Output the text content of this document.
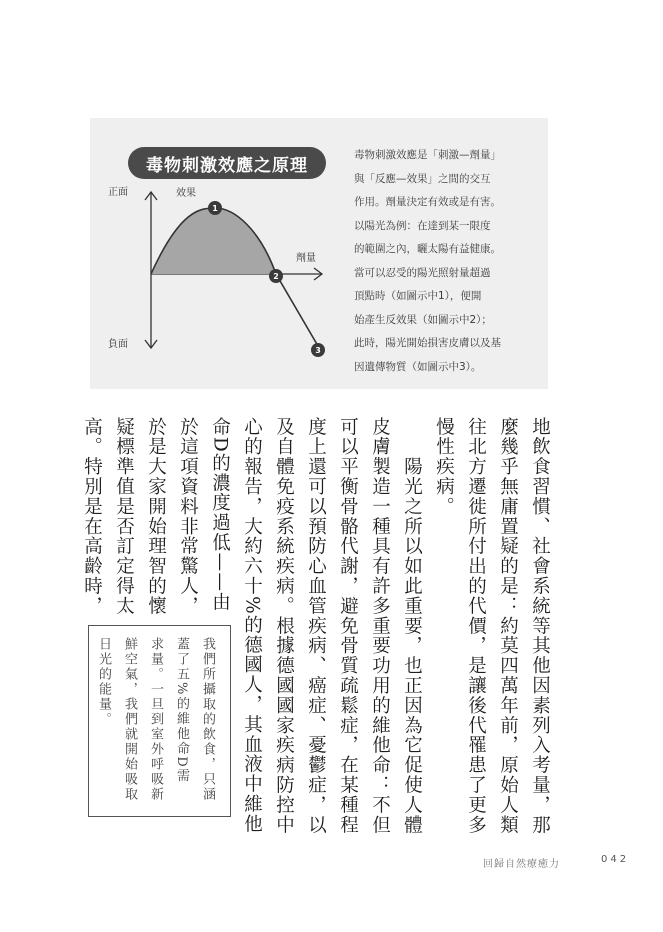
毒物刺激效應之原理
1
2
3
正面
負面
效果
劑量
毒物刺激效應是「刺激—劑量」
與「反應—效果」之間的交互
作用。劑量決定有效或是有害。
以陽光為例：在達到某一限度
的範圍之內，曬太陽有益健康。
當可以忍受的陽光照射量超過
頂點時（如圖示中1），便開
始產生反效果（如圖示中2）；
此時，陽光開始損害皮膚以及基
因遺傳物質（如圖示中3）。
地飲食習慣、社會系統等其他因素列入考量，那
麼幾乎無庸置疑的是：約莫四萬年前，原始人類
往北方遷徙所付出的代價，是讓後代罹患了更多
慢性疾病。
　　陽光之所以如此重要，也正因為它促使人體
皮膚製造一種具有許多重要功用的維他命：不但
可以平衡骨骼代謝，避免骨質疏鬆症，在某種程
度上還可以預防心血管疾病、癌症、憂鬱症，以
及自體免疫系統疾病。根據德國國家疾病防控中
心的報告，大約六十%的德國人，其血液中維他
命D的濃度過低——由
於這項資料非常驚人，
於是大家開始理智的懷
疑標準值是否訂定得太
高。特別是在高齡時，
我們所攝取的飲食，只涵
蓋了五%的維他命D需
求量。一旦到室外呼吸新
鮮空氣，我們就開始吸取
日光的能量。
回歸自然療癒力	042
